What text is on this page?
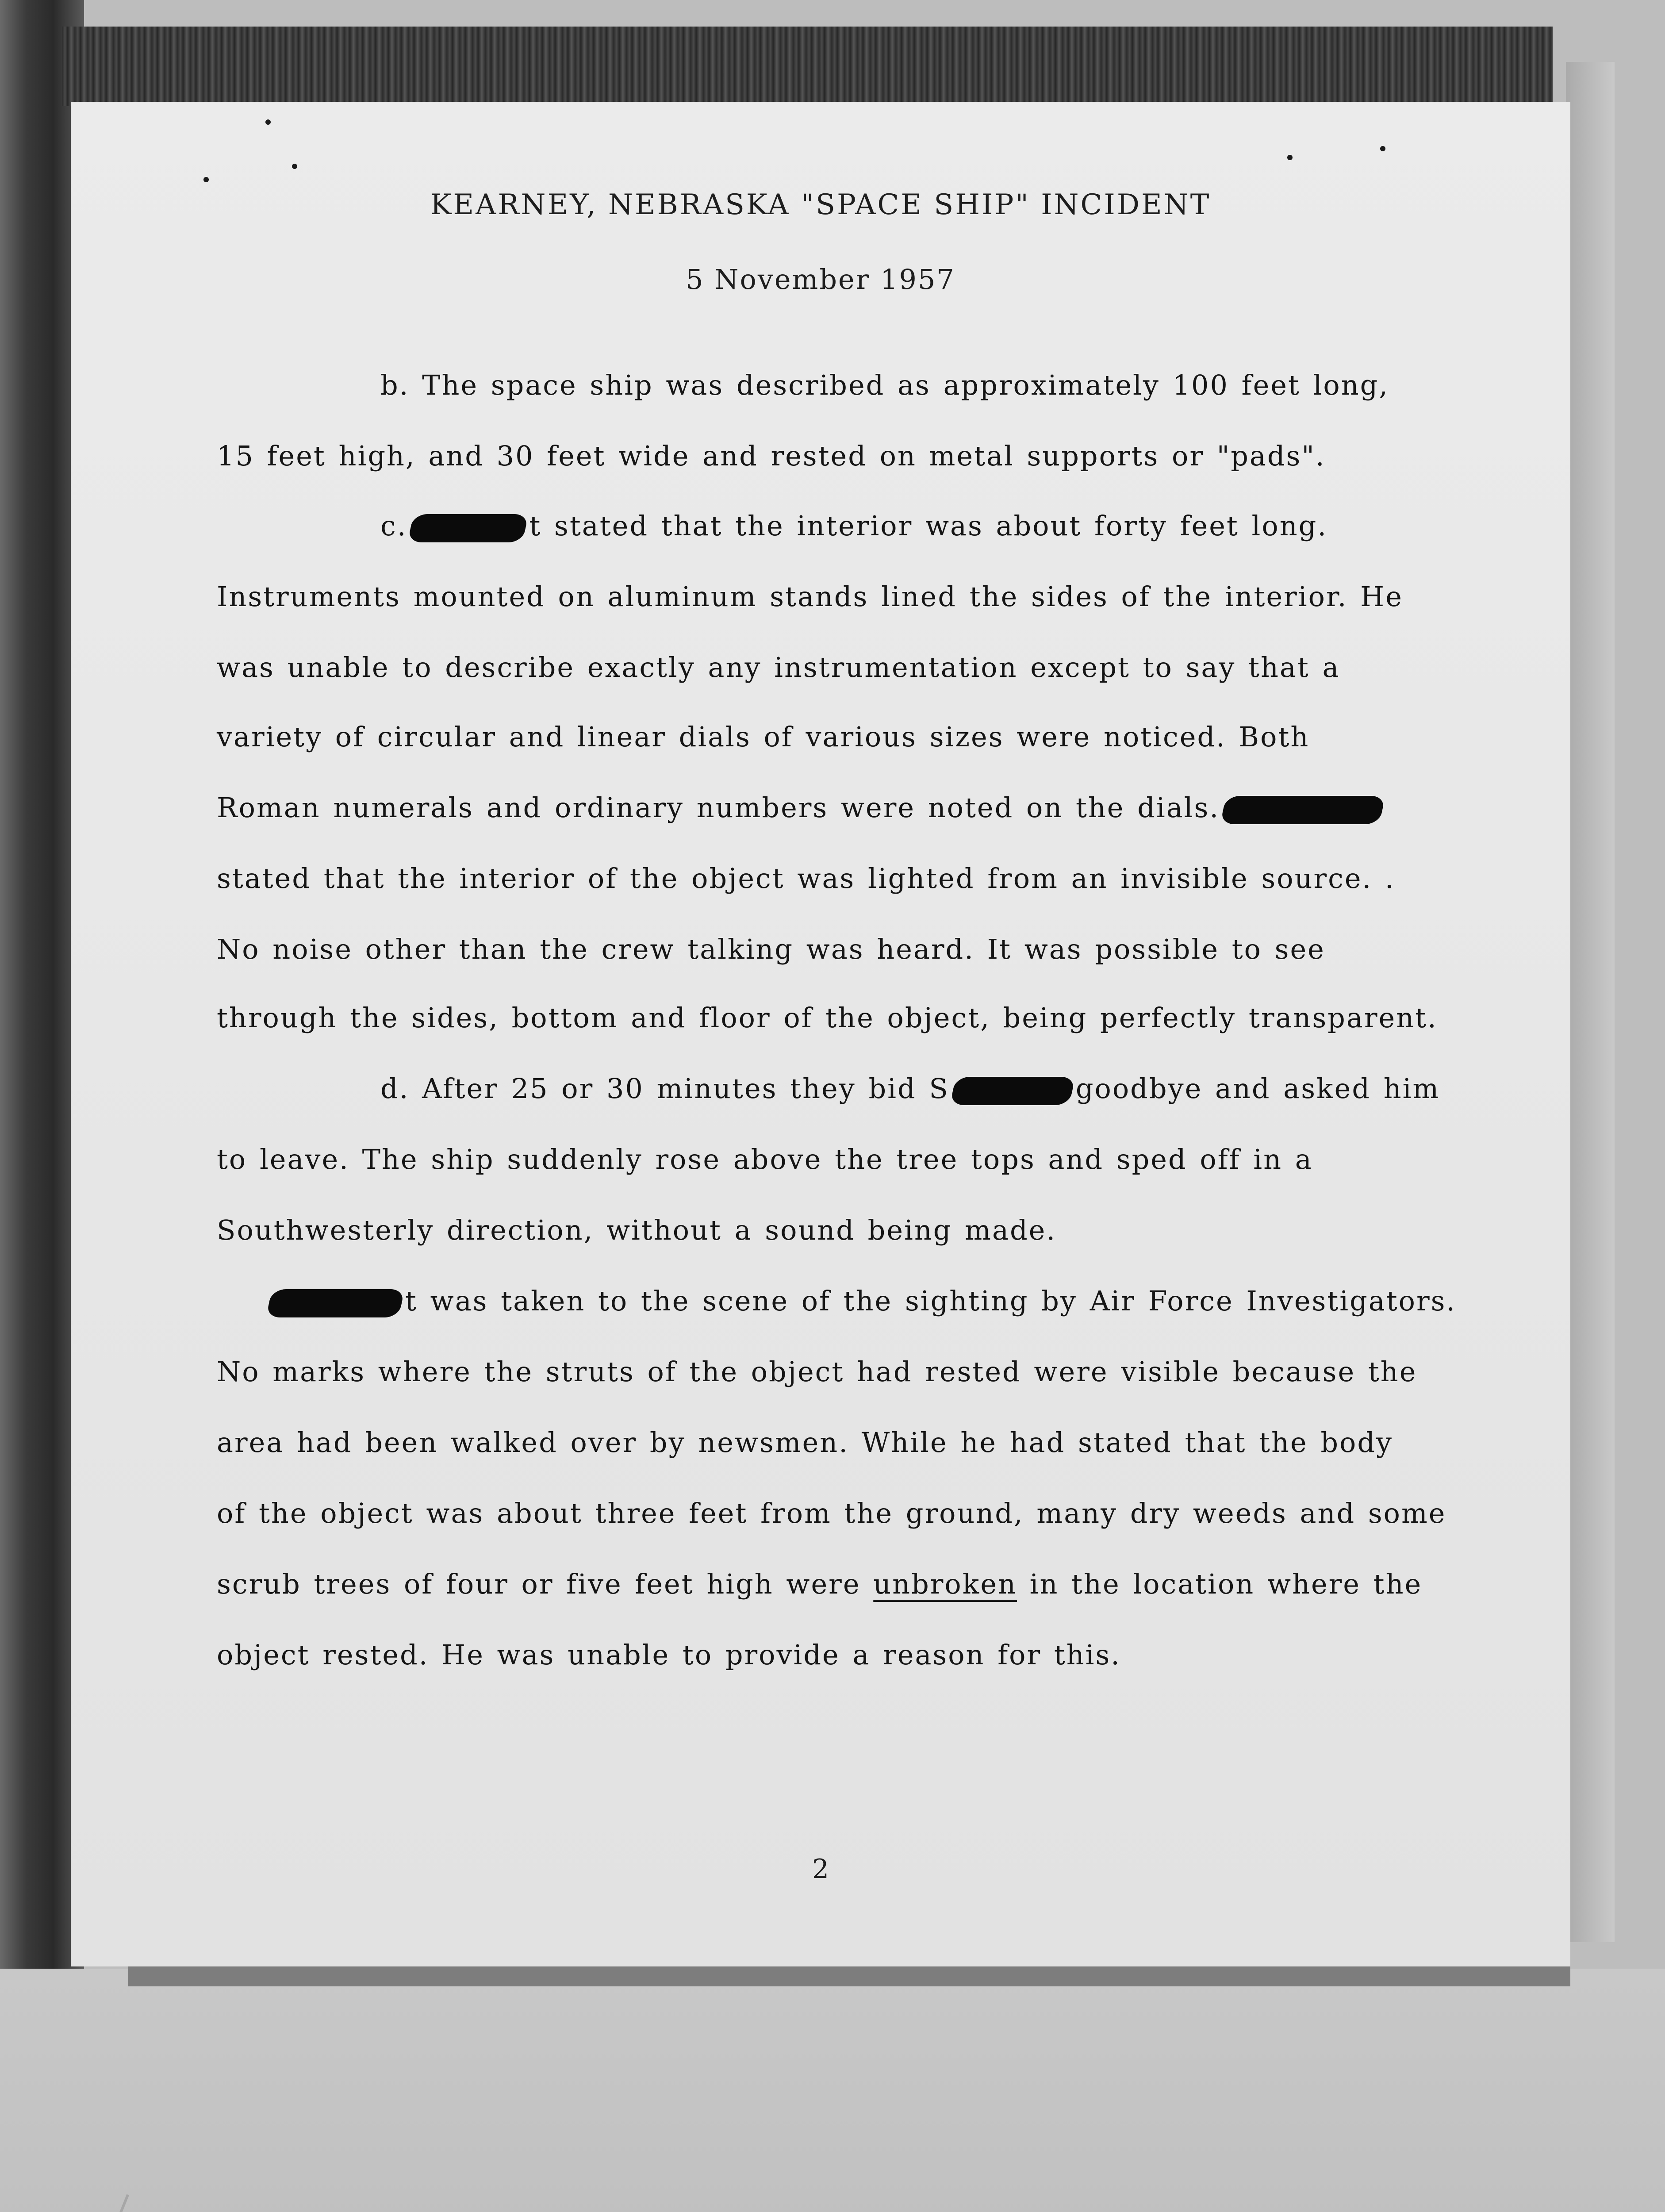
KEARNEY, NEBRASKA "SPACE SHIP" INCIDENT
5 November 1957
b. The space ship was described as approximately 100 feet long,
15 feet high, and 30 feet wide and rested on metal supports or "pads".
c.	t stated that the interior was about forty feet long.
Instruments mounted on aluminum stands lined the sides of the interior. He
was unable to describe exactly any instrumentation except to say that a
variety of circular and linear dials of various sizes were noticed. Both
Roman numerals and ordinary numbers were noted on the dials.
stated that the interior of the object was lighted from an invisible source. .
No noise other than the crew talking was heard. It was possible to see
through the sides, bottom and floor of the object, being perfectly transparent.
d. After 25 or 30 minutes they bid S	goodbye and asked him
to leave. The ship suddenly rose above the tree tops and sped off in a
Southwesterly direction, without a sound being made.
t was taken to the scene of the sighting by Air Force Investigators.
No marks where the struts of the object had rested were visible because the
area had been walked over by newsmen. While he had stated that the body
of the object was about three feet from the ground, many dry weeds and some
scrub trees of four or five feet high were unbroken in the location where the
object rested. He was unable to provide a reason for this.
2
